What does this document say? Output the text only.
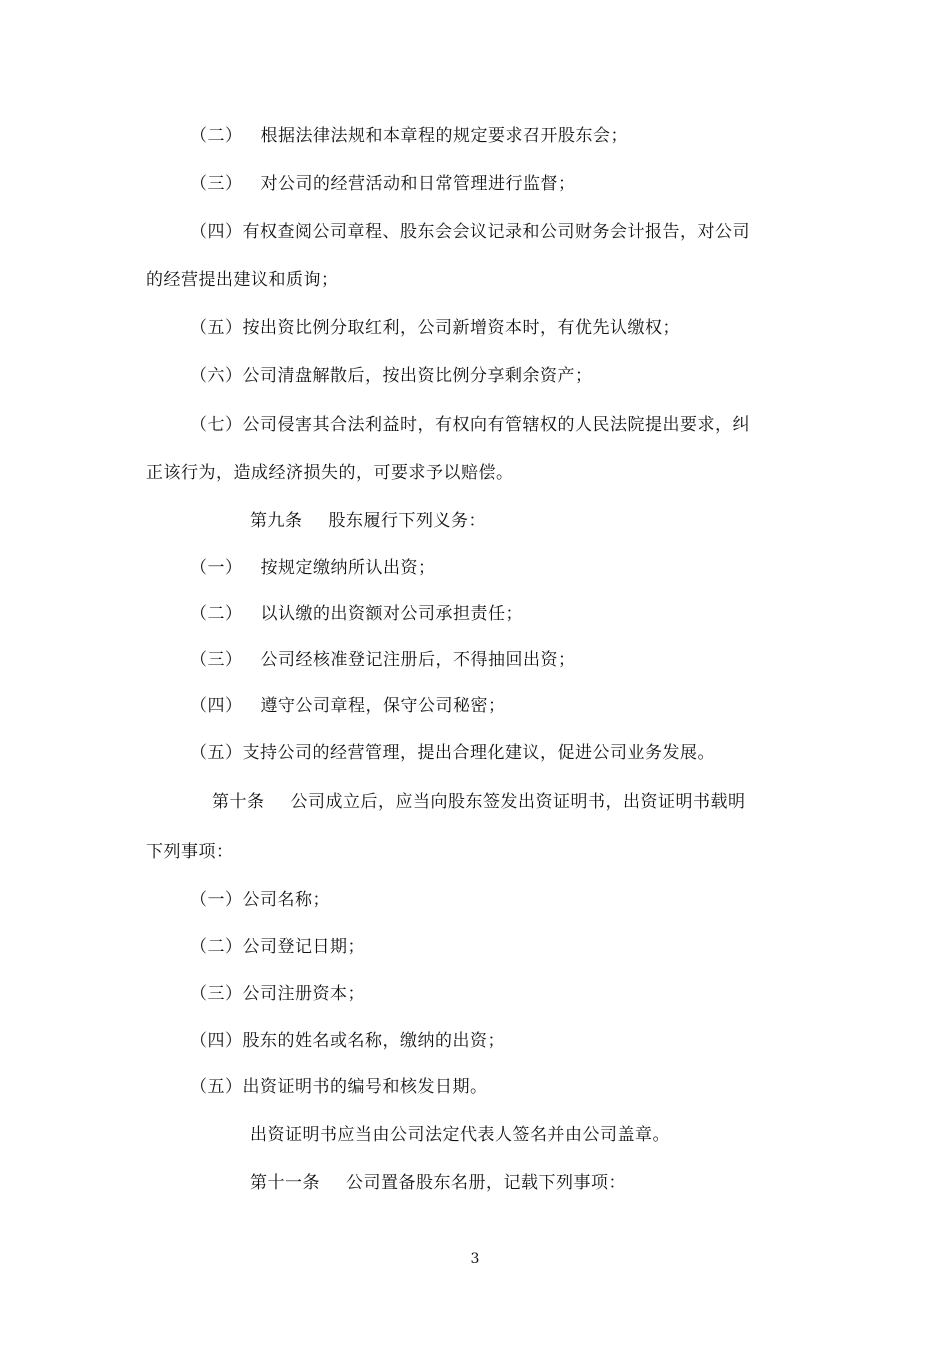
（二） 根据法律法规和本章程的规定要求召开股东会；
（三） 对公司的经营活动和日常管理进行监督；
（四）有权查阅公司章程、股东会会议记录和公司财务会计报告，对公司
的经营提出建议和质询；
（五）按出资比例分取红利，公司新增资本时，有优先认缴权；
（六）公司清盘解散后，按出资比例分享剩余资产；
（七）公司侵害其合法利益时，有权向有管辖权的人民法院提出要求，纠
正该行为，造成经济损失的，可要求予以赔偿。
第九条 股东履行下列义务：
（一） 按规定缴纳所认出资；
（二） 以认缴的出资额对公司承担责任；
（三） 公司经核准登记注册后，不得抽回出资；
（四） 遵守公司章程，保守公司秘密；
（五）支持公司的经营管理，提出合理化建议，促进公司业务发展。
第十条 公司成立后，应当向股东签发出资证明书，出资证明书载明
下列事项：
（一）公司名称；
（二）公司登记日期；
（三）公司注册资本；
（四）股东的姓名或名称，缴纳的出资；
（五）出资证明书的编号和核发日期。
出资证明书应当由公司法定代表人签名并由公司盖章。
第十一条 公司置备股东名册，记载下列事项：
3
